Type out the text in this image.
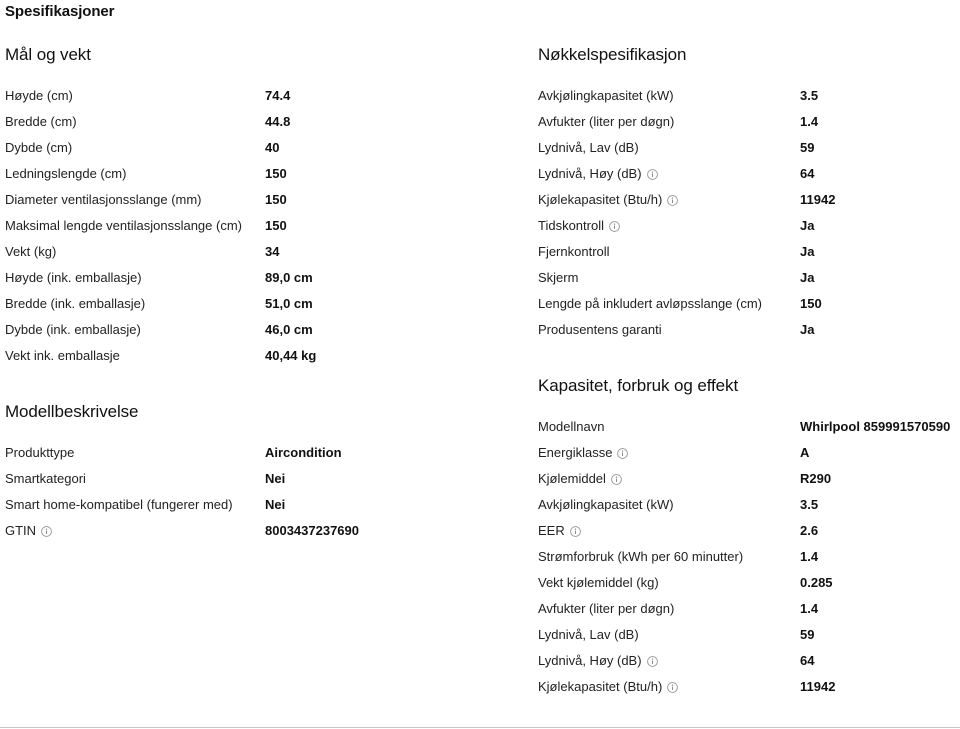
Spesifikasjoner
Mål og vekt
Høyde (cm)	74.4
Bredde (cm)	44.8
Dybde (cm)	40
Ledningslengde (cm)	150
Diameter ventilasjonsslange (mm)	150
Maksimal lengde ventilasjonsslange (cm) 150
Vekt (kg)	34
Høyde (ink. emballasje)	89,0 cm
Bredde (ink. emballasje)	51,0 cm
Dybde (ink. emballasje)	46,0 cm
Vekt ink. emballasje	40,44 kg
Modellbeskrivelse
Produkttype	Aircondition
Smartkategori	Nei
Smart home-kompatibel (fungerer med) Nei
GTIN	8003437237690
Nøkkelspesifikasjon
Avkjølingkapasitet (kW)	3.5
Avfukter (liter per døgn)	1.4
Lydnivå, Lav (dB)	59
Lydnivå, Høy (dB)	64
Kjølekapasitet (Btu/h)	11942
Tidskontroll	Ja
Fjernkontroll	Ja
Skjerm	Ja
Lengde på inkludert avløpsslange (cm)	150
Produsentens garanti	Ja
Kapasitet, forbruk og effekt
Modellnavn	Whirlpool 859991570590
Energiklasse	A
Kjølemiddel	R290
Avkjølingkapasitet (kW)	3.5
EER	2.6
Strømforbruk (kWh per 60 minutter)	1.4
Vekt kjølemiddel (kg)	0.285
Avfukter (liter per døgn)	1.4
Lydnivå, Lav (dB)	59
Lydnivå, Høy (dB)	64
Kjølekapasitet (Btu/h)	11942
